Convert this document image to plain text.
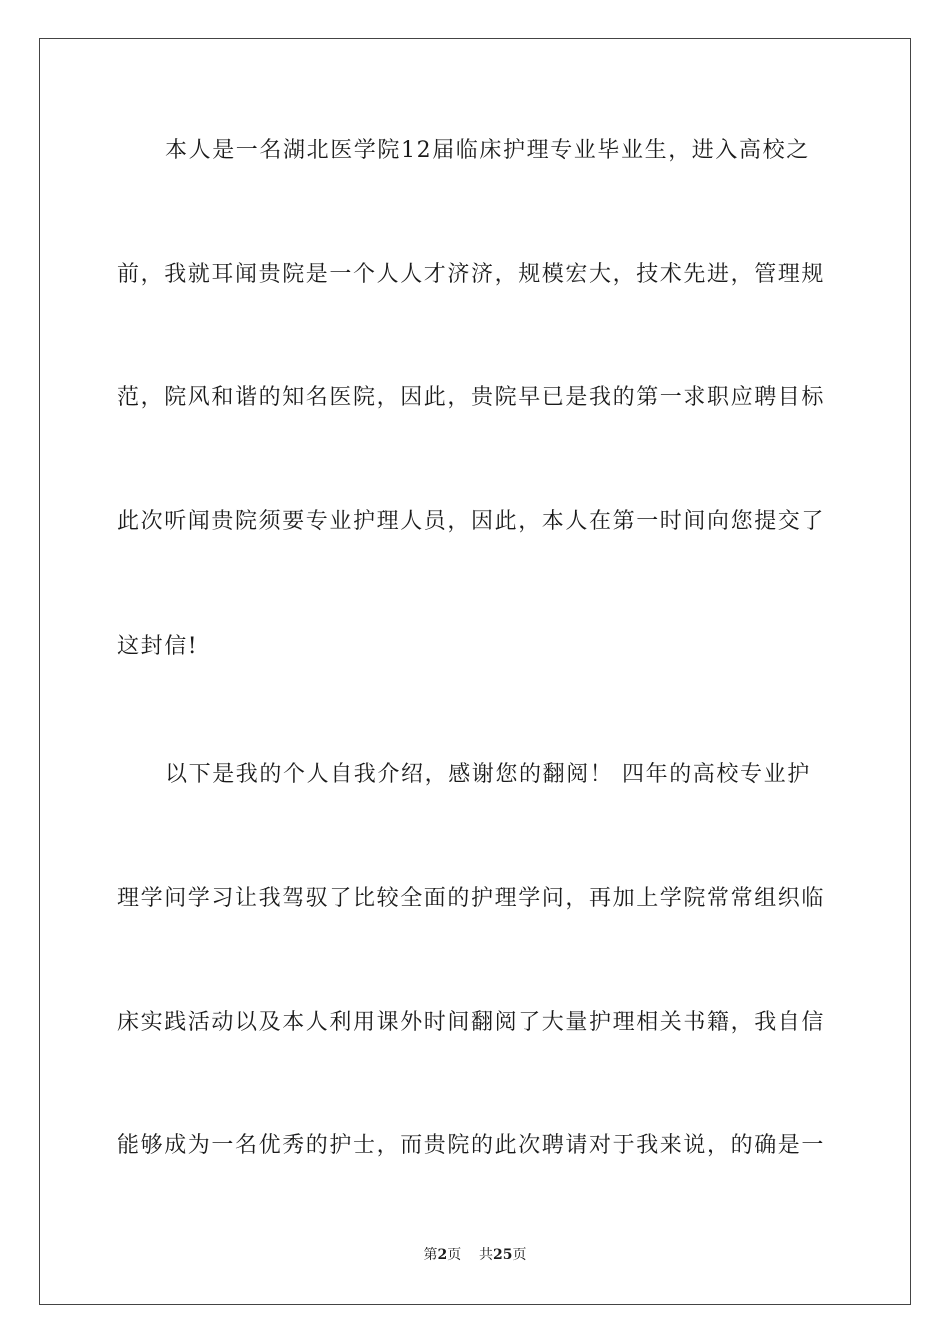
本人是一名湖北医学院12届临床护理专业毕业生，进入高校之
前，我就耳闻贵院是一个人人才济济，规模宏大，技术先进，管理规
范，院风和谐的知名医院，因此，贵院早已是我的第一求职应聘目标
此次听闻贵院须要专业护理人员，因此，本人在第一时间向您提交了
这封信!
以下是我的个人自我介绍，感谢您的翻阅！ 四年的高校专业护
理学问学习让我驾驭了比较全面的护理学问，再加上学院常常组织临
床实践活动以及本人利用课外时间翻阅了大量护理相关书籍，我自信
能够成为一名优秀的护士，而贵院的此次聘请对于我来说，的确是一
第2页 共25页
